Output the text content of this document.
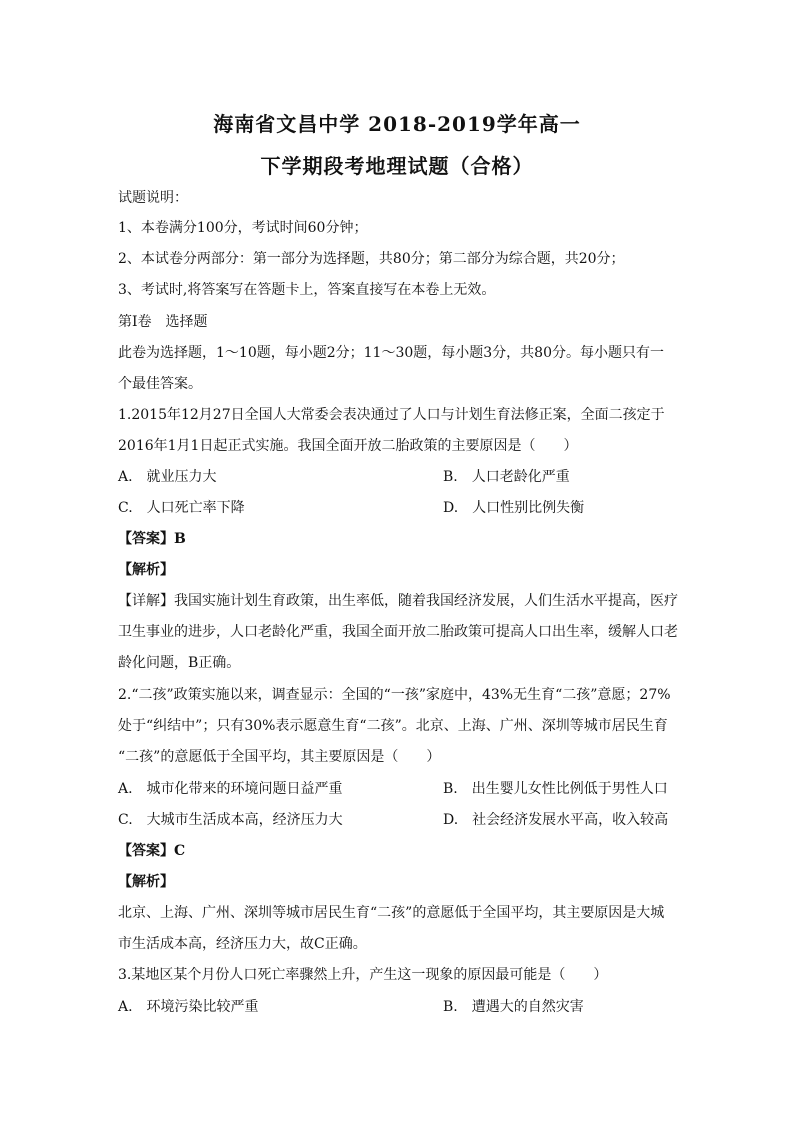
海南省文昌中学 2018-2019学年高一
下学期段考地理试题（合格）
试题说明：
1、本卷满分100分，考试时间60分钟；
2、本试卷分两部分：第一部分为选择题，共80分；第二部分为综合题，共20分；
3、考试时,将答案写在答题卡上，答案直接写在本卷上无效。
第Ⅰ卷　选择题
此卷为选择题，1～10题，每小题2分；11～30题，每小题3分，共80分。每小题只有一
个最佳答案。
1.2015年12月27日全国人大常委会表决通过了人口与计划生育法修正案，全面二孩定于
2016年1月1日起正式实施。我国全面开放二胎政策的主要原因是（　　）
A.　就业压力大	B.　人口老龄化严重
C.　人口死亡率下降	D.　人口性别比例失衡
【答案】B
【解析】
【详解】我国实施计划生育政策，出生率低，随着我国经济发展，人们生活水平提高，医疗
卫生事业的进步，人口老龄化严重，我国全面开放二胎政策可提高人口出生率，缓解人口老
龄化问题，B正确。
2.“二孩”政策实施以来，调查显示：全国的“一孩”家庭中，43%无生育“二孩”意愿；27%
处于“纠结中”；只有30%表示愿意生育“二孩”。北京、上海、广州、深圳等城市居民生育
“二孩”的意愿低于全国平均，其主要原因是（　　）
A.　城市化带来的环境问题日益严重	B.　出生婴儿女性比例低于男性人口
C.　大城市生活成本高，经济压力大	D.　社会经济发展水平高，收入较高
【答案】C
【解析】
北京、上海、广州、深圳等城市居民生育“二孩”的意愿低于全国平均，其主要原因是大城
市生活成本高，经济压力大，故C正确。
3.某地区某个月份人口死亡率骤然上升，产生这一现象的原因最可能是（　　）
A.　环境污染比较严重	B.　遭遇大的自然灾害
